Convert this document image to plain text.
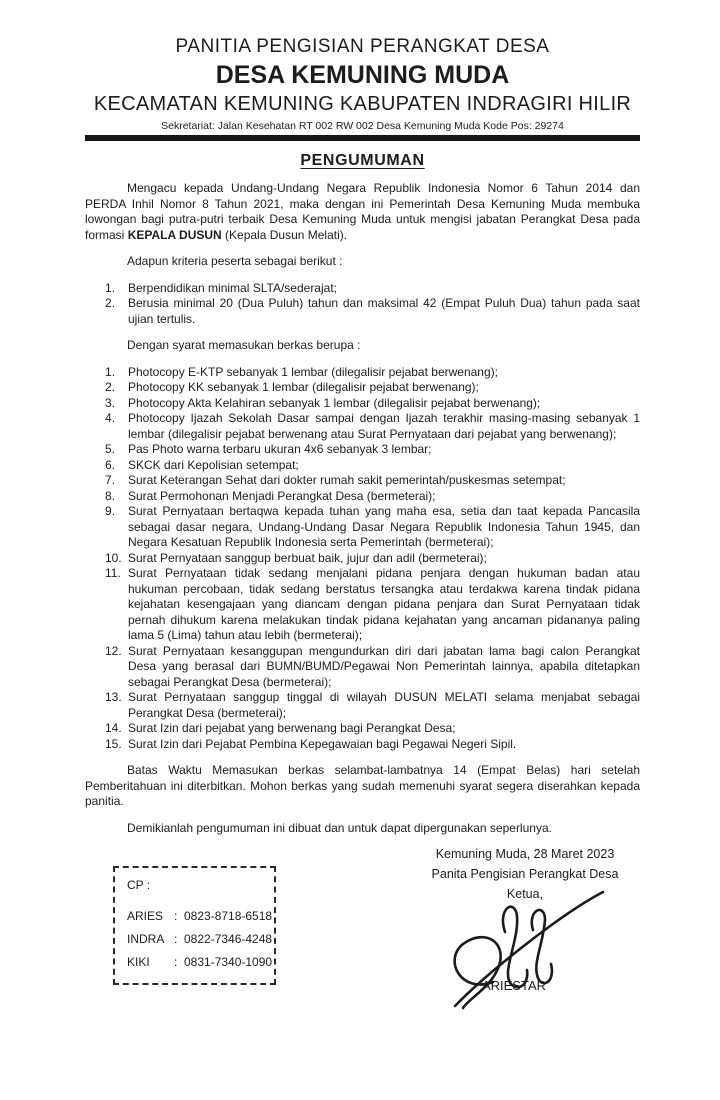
PANITIA PENGISIAN PERANGKAT DESA
DESA KEMUNING MUDA
KECAMATAN KEMUNING KABUPATEN INDRAGIRI HILIR
Sekretariat: Jalan Kesehatan RT 002 RW 002 Desa Kemuning Muda Kode Pos: 29274
PENGUMUMAN

Mengacu kepada Undang-Undang Negara Republik Indonesia Nomor 6 Tahun 2014 dan PERDA Inhil Nomor 8 Tahun 2021, maka dengan ini Pemerintah Desa Kemuning Muda membuka lowongan bagi putra-putri terbaik Desa Kemuning Muda untuk mengisi jabatan Perangkat Desa pada formasi KEPALA DUSUN (Kepala Dusun Melati).

Adapun kriteria peserta sebagai berikut :

Berpendidikan minimal SLTA/sederajat;
Berusia minimal 20 (Dua Puluh) tahun dan maksimal 42 (Empat Puluh Dua) tahun pada saat ujian tertulis.

Dengan syarat memasukan berkas berupa :

Photocopy E-KTP sebanyak 1 lembar (dilegalisir pejabat berwenang);
Photocopy KK sebanyak 1 lembar (dilegalisir pejabat berwenang);
Photocopy Akta Kelahiran sebanyak 1 lembar (dilegalisir pejabat berwenang);
Photocopy Ijazah Sekolah Dasar sampai dengan Ijazah terakhir masing-masing sebanyak 1 lembar (dilegalisir pejabat berwenang atau Surat Pernyataan dari pejabat yang berwenang);
Pas Photo warna terbaru ukuran 4x6 sebanyak 3 lembar;
SKCK dari Kepolisian setempat;
Surat Keterangan Sehat dari dokter rumah sakit pemerintah/puskesmas setempat;
Surat Permohonan Menjadi Perangkat Desa (bermeterai);
Surat Pernyataan bertaqwa kepada tuhan yang maha esa, setia dan taat kepada Pancasila sebagai dasar negara, Undang-Undang Dasar Negara Republik Indonesia Tahun 1945, dan Negara Kesatuan Republik Indonesia serta Pemerintah (bermeterai);
Surat Pernyataan sanggup berbuat baik, jujur dan adil (bermeterai);
Surat Pernyataan tidak sedang menjalani pidana penjara dengan hukuman badan atau hukuman percobaan, tidak sedang berstatus tersangka atau terdakwa karena tindak pidana kejahatan kesengajaan yang diancam dengan pidana penjara dan Surat Pernyataan tidak pernah dihukum karena melakukan tindak pidana kejahatan yang ancaman pidananya paling lama 5 (Lima) tahun atau lebih (bermeterai);
Surat Pernyataan kesanggupan mengundurkan diri dari jabatan lama bagi calon Perangkat Desa yang berasal dari BUMN/BUMD/Pegawai Non Pemerintah lainnya, apabila ditetapkan sebagai Perangkat Desa (bermeterai);
Surat Pernyataan sanggup tinggal di wilayah DUSUN MELATI selama menjabat sebagai Perangkat Desa (bermeterai);
Surat Izin dari pejabat yang berwenang bagi Perangkat Desa;
Surat Izin dari Pejabat Pembina Kepegawaian bagi Pegawai Negeri Sipil.

Batas Waktu Memasukan berkas selambat-lambatnya 14 (Empat Belas) hari setelah Pemberitahuan ini diterbitkan. Mohon berkas yang sudah memenuhi syarat segera diserahkan kepada panitia.

Demikianlah pengumuman ini dibuat dan untuk dapat dipergunakan seperlunya.

CP :
ARIES : 0823-8718-6518
INDRA : 0822-7346-4248
KIKI	: 0831-7340-1090
Kemuning Muda, 28 Maret 2023
Panita Pengisian Perangkat Desa
Ketua,
ARIESTAR
